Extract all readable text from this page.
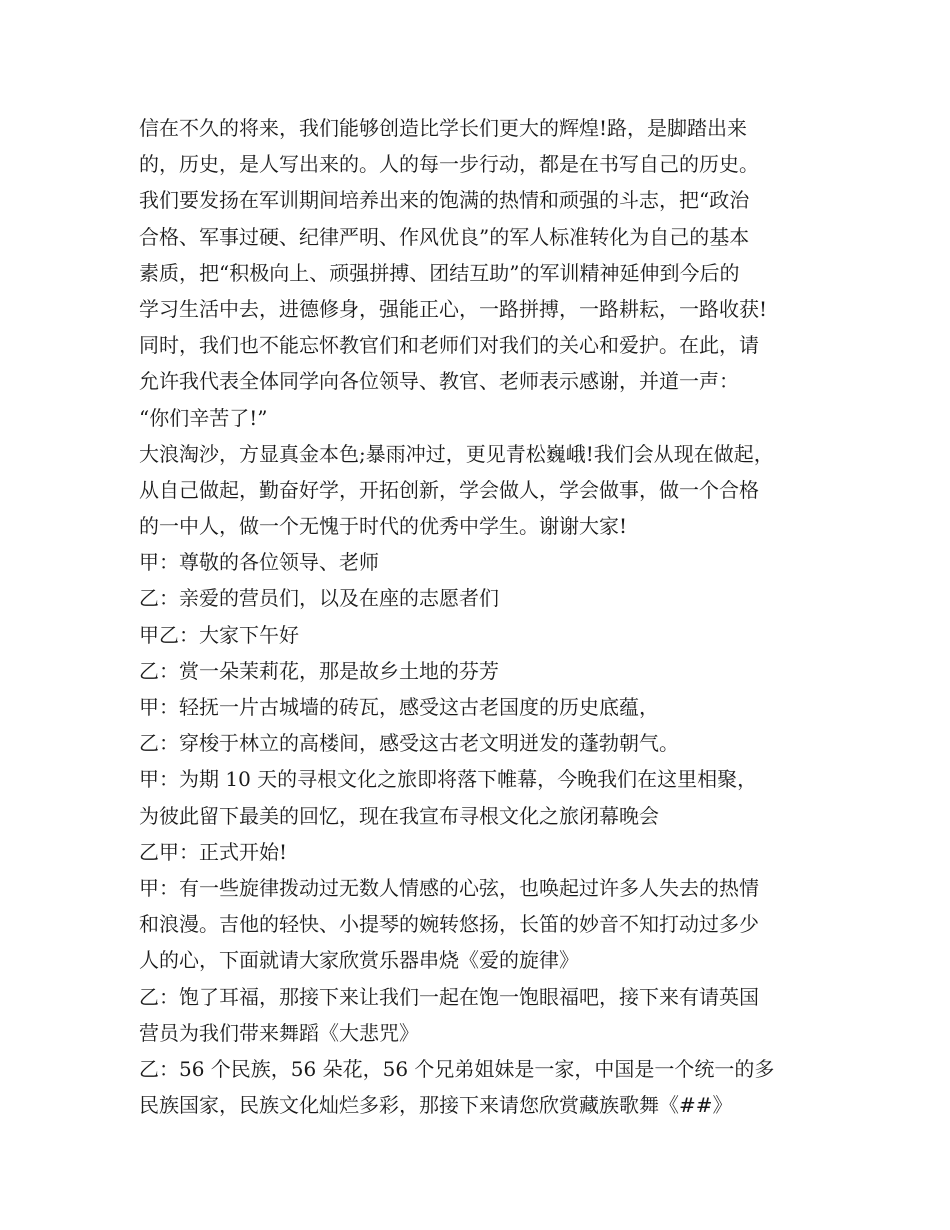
信在不久的将来，我们能够创造比学长们更大的辉煌!路，是脚踏出来
的，历史，是人写出来的。人的每一步行动，都是在书写自己的历史。
我们要发扬在军训期间培养出来的饱满的热情和顽强的斗志，把“政治
合格、军事过硬、纪律严明、作风优良”的军人标准转化为自己的基本
素质，把“积极向上、顽强拼搏、团结互助”的军训精神延伸到今后的
学习生活中去，进德修身，强能正心，一路拼搏，一路耕耘，一路收获!
同时，我们也不能忘怀教官们和老师们对我们的关心和爱护。在此，请
允许我代表全体同学向各位领导、教官、老师表示感谢，并道一声：
“你们辛苦了!”
大浪淘沙，方显真金本色;暴雨冲过，更见青松巍峨!我们会从现在做起，
从自己做起，勤奋好学，开拓创新，学会做人，学会做事，做一个合格
的一中人，做一个无愧于时代的优秀中学生。谢谢大家!
甲：尊敬的各位领导、老师
乙：亲爱的营员们，以及在座的志愿者们
甲乙：大家下午好
乙：赏一朵茉莉花，那是故乡土地的芬芳
甲：轻抚一片古城墙的砖瓦，感受这古老国度的历史底蕴，
乙：穿梭于林立的高楼间，感受这古老文明迸发的蓬勃朝气。
甲：为期 10 天的寻根文化之旅即将落下帷幕，今晚我们在这里相聚，
为彼此留下最美的回忆，现在我宣布寻根文化之旅闭幕晚会
乙甲：正式开始!
甲：有一些旋律拨动过无数人情感的心弦，也唤起过许多人失去的热情
和浪漫。吉他的轻快、小提琴的婉转悠扬，长笛的妙音不知打动过多少
人的心，下面就请大家欣赏乐器串烧《爱的旋律》
乙：饱了耳福，那接下来让我们一起在饱一饱眼福吧，接下来有请英国
营员为我们带来舞蹈《大悲咒》
乙：56 个民族，56 朵花，56 个兄弟姐妹是一家，中国是一个统一的多
民族国家，民族文化灿烂多彩，那接下来请您欣赏藏族歌舞《##》
